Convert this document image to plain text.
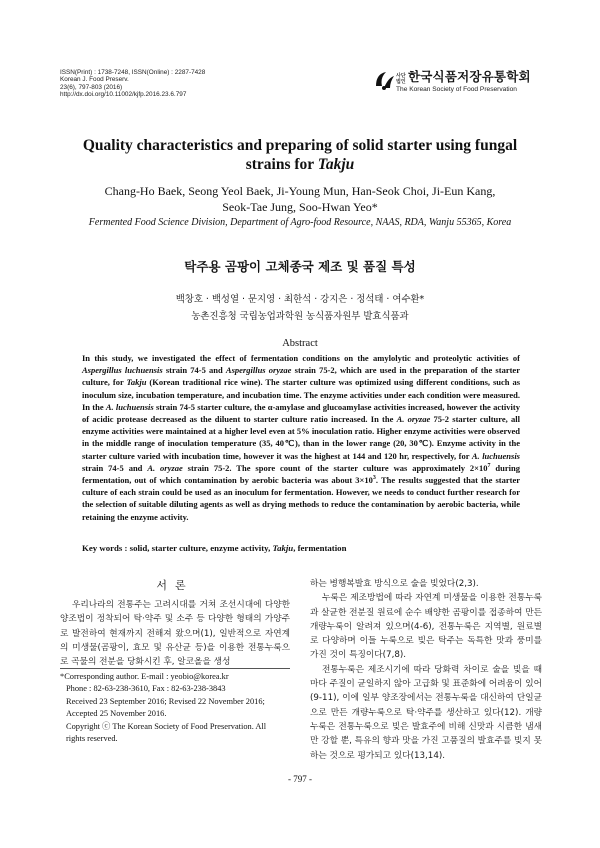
ISSN(Print) : 1738-7248, ISSN(Online) : 2287-7428
Korean J. Food Preserv.
23(6), 797-803 (2016)
http://dx.doi.org/10.11002/kjfp.2016.23.6.797
사단
법인 한국식품저장유통학회
The Korean Society of Food Preservation
Quality characteristics and preparing of solid starter using fungal
strains for Takju
Chang-Ho Baek, Seong Yeol Baek, Ji-Young Mun, Han-Seok Choi, Ji-Eun Kang,
Seok-Tae Jung, Soo-Hwan Yeo*
Fermented Food Science Division, Department of Agro-food Resource, NAAS, RDA, Wanju 55365, Korea
탁주용 곰팡이 고체종국 제조 및 품질 특성
백창호 · 백성열 · 문지영 · 최한석 · 강지은 · 정석태 · 여수환*
농촌진흥청 국립농업과학원 농식품자원부 발효식품과
Abstract
In this study, we investigated the effect of fermentation conditions on the amylolytic and proteolytic activities of Aspergillus luchuensis strain 74-5 and Aspergillus oryzae strain 75-2, which are used in the preparation of the starter culture, for Takju (Korean traditional rice wine). The starter culture was optimized using different conditions, such as inoculum size, incubation temperature, and incubation time. The enzyme activities under each condition were measured. In the A. luchuensis strain 74-5 starter culture, the α-amylase and glucoamylase activities increased, however the activity of acidic protease decreased as the diluent to starter culture ratio increased. In the A. oryzae 75-2 starter culture, all enzyme activities were maintained at a higher level even at 5% inoculation ratio. Higher enzyme activities were observed in the middle range of inoculation temperature (35, 40℃), than in the lower range (20, 30℃). Enzyme activity in the starter culture varied with incubation time, however it was the highest at 144 and 120 hr, respectively, for A. luchuensis strain 74-5 and A. oryzae strain 75-2. The spore count of the starter culture was approximately $2\times 10^7$ during fermentation, out of which contamination by aerobic bacteria was about $3\times 10^3$. The results suggested that the starter culture of each strain could be used as an inoculum for fermentation. However, we needs to conduct further research for the selection of suitable diluting agents as well as drying methods to reduce the contamination by aerobic bacteria, while retaining the enzyme activity.
Key words : solid, starter culture, enzyme activity, Takju, fermentation
서론
우리나라의 전통주는 고려시대를 거쳐 조선시대에 다양한 양조법이 정착되어 탁·약주 및 소주 등 다양한 형태의 가양주로 발전하여 현재까지 전해져 왔으며(1), 일반적으로 자연계의 미생물(곰팡이, 효모 및 유산균 등)을 이용한 전통누룩으로 곡물의 전분을 당화시킨 후, 알코올을 생성
하는 병행복발효 방식으로 술을 빚었다(2,3).
누룩은 제조방법에 따라 자연계 미생물을 이용한 전통누룩과 살균한 전분질 원료에 순수 배양한 곰팡이를 접종하여 만든 개량누룩이 알려져 있으며(4-6), 전통누룩은 지역별, 원료별로 다양하며 이들 누룩으로 빚은 탁주는 독특한 맛과 풍미를 가진 것이 특징이다(7,8).
전통누룩은 제조시기에 따라 당화력 차이로 술을 빚을 때 마다 주질이 균일하지 않아 고급화 및 표준화에 어려움이 있어(9-11), 이에 일부 양조장에서는 전통누룩을 대신하여 단일균으로 만든 개량누룩으로 탁·약주를 생산하고 있다(12). 개량누룩은 전통누룩으로 빚은 발효주에 비해 신맛과 시큼한 냄새만 강할 뿐, 특유의 향과 맛을 가진 고품질의 발효주를 빚지 못하는 것으로 평가되고 있다(13,14).
*Corresponding author. E-mail : yeobio@korea.kr
Phone : 82-63-238-3610, Fax : 82-63-238-3843
Received 23 September 2016; Revised 22 November 2016;
Accepted 25 November 2016.
Copyright ⓒ The Korean Society of Food Preservation. All
rights reserved.
- 797 -
